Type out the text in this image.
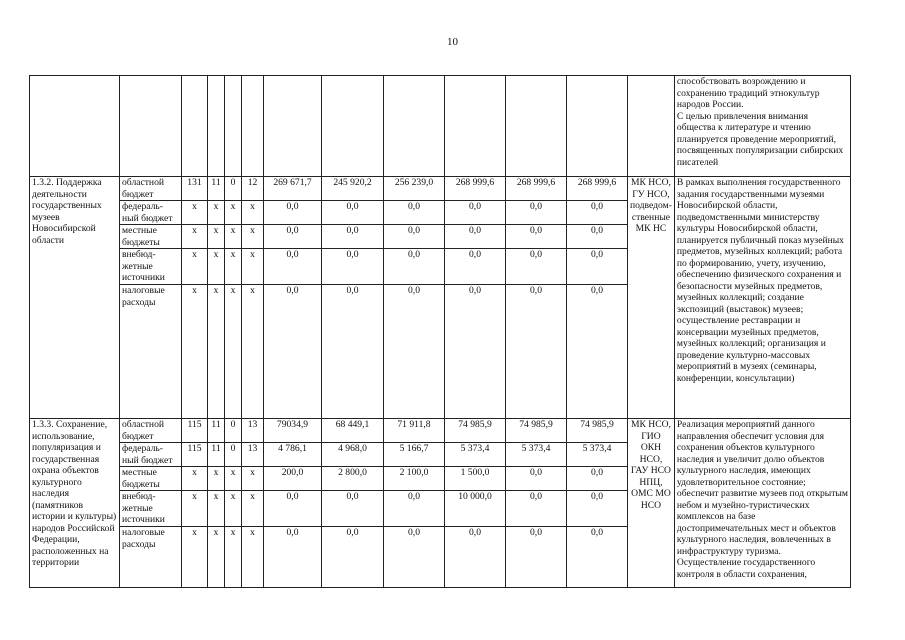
10

													способствовать возрождению и сохранению традиций этнокультур народов России.
С целью привлечения внимания общества к литературе и чтению планируется проведение мероприятий, посвященных популяризации сибирских писателей

1.3.2. Поддержка деятельности государственных музеев Новосибирской области	областной бюджет	131	11	0	12	269 671,7	245 920,2	256 239,0	268 999,6	268 999,6	268 999,6	МК НСО, ГУ НСО, подведом-ственные МК НС	В рамках выполнения государственного задания государственными музеями Новосибирской области, подведомственными министерству культуры Новосибирской области, планируется публичный показ музейных предметов, музейных коллекций; работа по формированию, учету, изучению, обеспечению физического сохранения и безопасности музейных предметов, музейных коллекций; создание экспозиций (выставок) музеев; осуществление реставрации и консервации музейных предметов, музейных коллекций; организация и проведение культурно-массовых мероприятий в музеях (семинары, конференции, консультации)
	федераль-ный бюджет	x	x	x	x	0,0	0,0	0,0	0,0	0,0	0,0		
	местные бюджеты	x	x	x	x	0,0	0,0	0,0	0,0	0,0	0,0		
	внебюд-жетные источники	x	x	x	x	0,0	0,0	0,0	0,0	0,0	0,0		
	налоговые расходы	x	x	x	x	0,0	0,0	0,0	0,0	0,0	0,0		
1.3.3. Сохранение, использование, популяризация и государственная охрана объектов культурного наследия (памятников истории и культуры) народов Российской Федерации, расположенных на территории	областной бюджет	115	11	0	13	79034,9	68 449,1	71 911,8	74 985,9	74 985,9	74 985,9	МК НСО, ГИО ОКН НСО, ГАУ НСО НПЦ, ОМС МО НСО	Реализация мероприятий данного направления обеспечит условия для сохранения объектов культурного наследия и увеличит долю объектов культурного наследия, имеющих удовлетворительное состояние; обеспечит развитие музеев под открытым небом и музейно-туристических комплексов на базе достопримечательных мест и объектов культурного наследия, вовлеченных в инфраструктуру туризма.
Осуществление государственного контроля в области сохранения,

	федераль-ный бюджет	115	11	0	13	4 786,1	4 968,0	5 166,7	5 373,4	5 373,4	5 373,4		
	местные бюджеты	x	x	x	x	200,0	2 800,0	2 100,0	1 500,0	0,0	0,0		
	внебюд-жетные источники	x	x	x	x	0,0	0,0	0,0	10 000,0	0,0	0,0		
	налоговые расходы	x	x	x	x	0,0	0,0	0,0	0,0	0,0	0,0		
